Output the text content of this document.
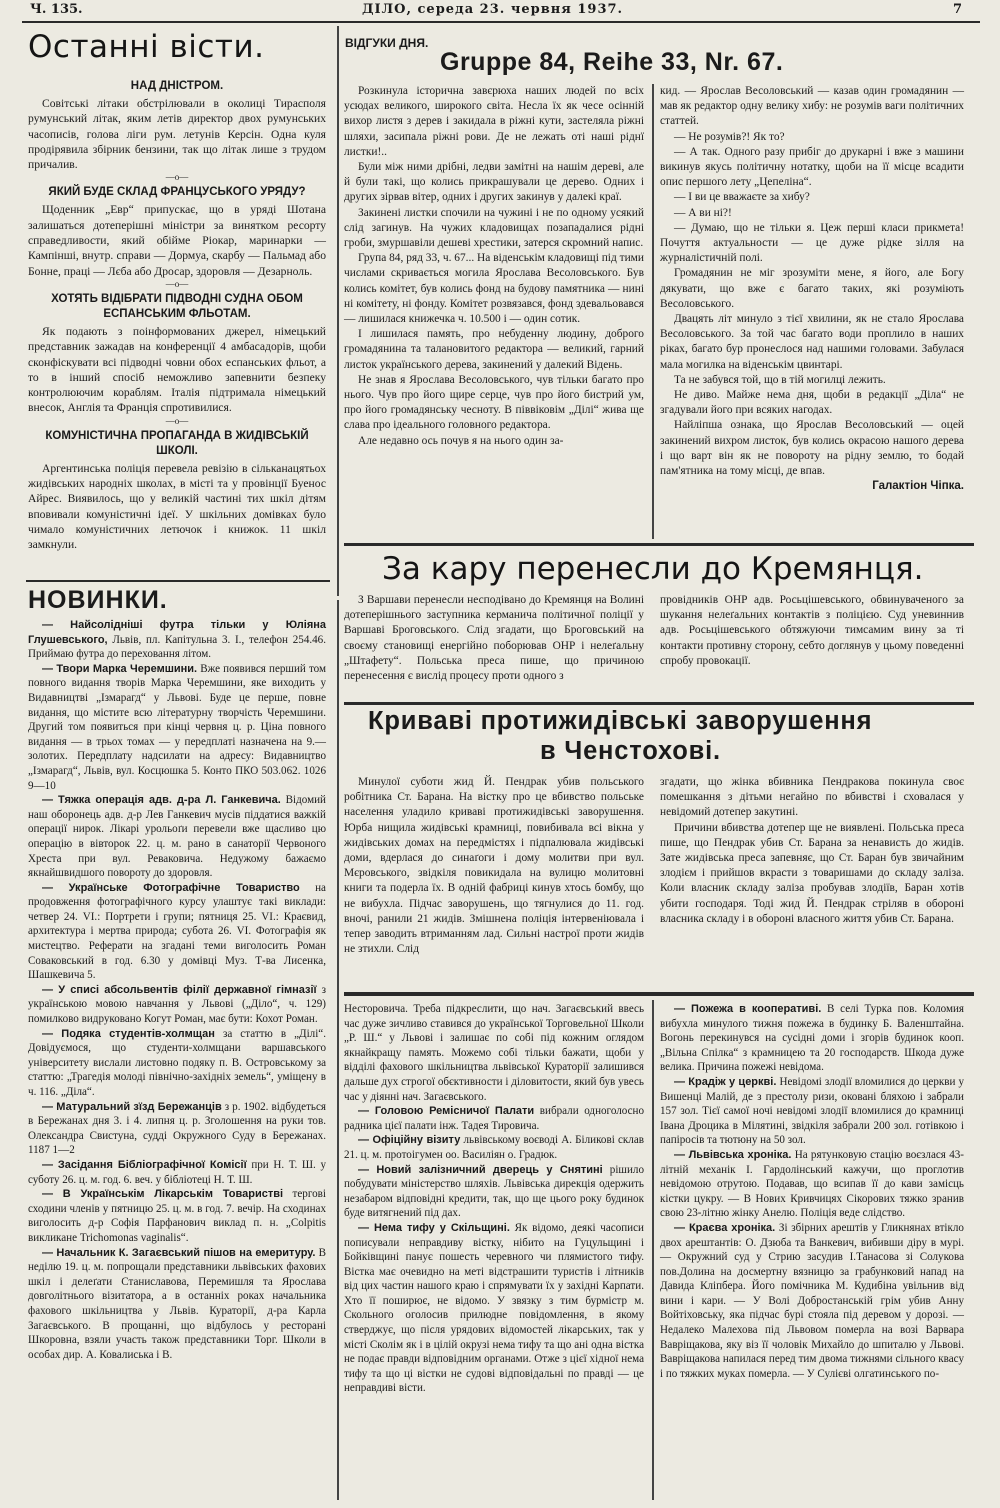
Ч. 135.	ДІЛО, середа 23. червня 1937.	7
Останні вісти.
НАД ДНІСТРОМ.

Совітські літаки обстрілювали в околиці Тирасполя румунський літак, яким летів директор двох румунських часописів, голова ліги рум. летунів Керсін. Одна куля продірявила збірник бензини, так що літак лише з трудом причалив.

—о—
ЯКИЙ БУДЕ СКЛАД ФРАНЦУСЬКОГО УРЯДУ?

Щоденник „Евр“ припускає, що в уряді Шотана залишаться дотеперішні міністри за винятком ресорту справедливости, який обійме Ріокар, маринарки — Кампінші, внутр. справи — Дормуа, скарбу — Пальмад або Бонне, праці — Лєба або Дросар, здоровля — Дезарноль.

—о—
ХОТЯТЬ ВІДІБРАТИ ПІДВОДНІ СУДНА ОБОМ ЕСПАНСЬКИМ ФЛЬОТАМ.

Як подають з поінформованих джерел, німецький представник зажадав на конференції 4 амбасадорів, щоби сконфіскувати всі підводні човни обох еспанських фльот, а то в інший спосіб неможливо запевнити безпеку контролюючим кораблям. Італія підтримала німецький внесок, Англія та Франція спротивилися.

—о—
КОМУНІСТИЧНА ПРОПАГАНДА В ЖИДІВСЬКІЙ ШКОЛІ.

Аргентинська поліція перевела ревізію в сільканацятьох жидівських народніх школах, в місті та у провінції Буенос Айрес. Виявилось, що у великій частині тих шкіл дітям вповивали комуністичні ідеї. У шкільних домівках було чимало комуністичних летючок і книжок. 11 шкіл замкнули.

НОВИНКИ.

— Найсолідніші футра тільки у Юліяна Глушевського, Львів, пл. Капітульна 3. І., телефон 254.46. Приймаю футра до переховання літом.

— Твори Марка Черемшини. Вже появився перший том повного видання творів Марка Черемшини, яке виходить у Видавництві „Ізмарагд“ у Львові. Буде це перше, повне видання, що містите всю літературну творчість Черемшини. Другий том появиться при кінці червня ц. р. Ціна повного видання — в трьох томах — у передплаті назначена на 9.— золотих. Передплату надсилати на адресу: Видавництво „Ізмарагд“, Львів, вул. Косцюшка 5. Конто ПКО 503.062. 1026 9—10

— Тяжка операція адв. д-ра Л. Ганкевича. Відомий наш оборонець адв. д-р Лев Ганкевич мусів піддатися важкій операції нирок. Лікарі урольоґи перевели вже щасливо цю операцію в вівторок 22. ц. м. рано в санаторії Червоного Хреста при вул. Реваковича. Недужому бажаємо якнайшвидшого повороту до здоровля.

— Українське Фотографічне Товариство на продовження фотографічного курсу улаштує такі виклади: четвер 24. VI.: Портрети і групи; пятниця 25. VI.: Краєвид, архитектура і мертва природа; субота 26. VI. Фотографія як мистецтво. Реферати на згадані теми виголосить Роман Соваковський в год. 6.30 у домівці Муз. Т-ва Лисенка, Шашкевича 5.

— У списі абсольвентів філії державної гімназії з українською мовою навчання у Львові („Діло“, ч. 129) помилково видруковано Когут Роман, має бути: Кохот Роман.

— Подяка студентів-холмщан за статтю в „Ділі“. Довідуємося, що студенти-холмщани варшавського університету вислали листовно подяку п. В. Островському за статтю: „Трагедія молоді північно-західніх земель“, уміщену в ч. 116. „Діла“.

— Матуральний зїзд Бережанців з р. 1902. відбудеться в Бережанах дня 3. і 4. липня ц. р. Зголошення на руки тов. Олександра Свистуна, судді Окружного Суду в Бережанах. 1187 1—2

— Засідання Бібліографічної Комісії при Н. Т. Ш. у суботу 26. ц. м. год. 6. веч. у бібліотеці Н. Т. Ш.

— В Українськім Лікарськім Товаристві тергові сходини членів у пятницю 25. ц. м. в год. 7. вечір. На сходинах виголосить д-р Софія Парфанович виклад п. н. „Colpitis викликане Trichomonas vaginalis“.

— Начальник К. Загаєвський пішов на емеритуру. В неділю 19. ц. м. попрощали представники львівських фахових шкіл і делеґати Станиславова, Перемишля та Ярослава довголітнього візитатора, а в останніх роках начальника фахового шкільництва у Львів. Кураторії, д-ра Карла Загаєвського. В прощанні, що відбулось у ресторані Шкоровна, взяли участь також представники Торг. Школи в особах дир. А. Ковалиська і В.

ВІДГУКИ ДНЯ.
Gruppe 84, Reihe 33, Nr. 67.

Розкинула історична завєрюха наших людей по всіх усюдах великого, широкого світа. Несла їх як чесе осінній вихор листя з дерев і закидала в ріжні кути, застеляла ріжні шляхи, засипала ріжні рови. Де не лежать оті наші ріднї листки!..

Були між ними дрібні, ледви замітні на нашім дереві, але й були такі, що колись прикрашували це дерево. Одних і других зірвав вітер, одних і других закинув у далекі краї.

Закинені листки спочили на чужині і не по одному усякий слід загинув. На чужих кладовищах позападалися рідні гроби, змуршавіли дешеві хрестики, затерся скромний напис.

Група 84, ряд 33, ч. 67... На віденськім кладовищі під тими числами скривається могила Ярослава Весоловського. Був колись комітет, був колись фонд на будову памятника — нині ні комітету, ні фонду. Комітет розвязався, фонд здевальовався — лишилася книжечка ч. 10.500 і — один сотик.

І лишилася память, про небуденну людину, доброго громадянина та талановитого редактора — великий, гарний листок українського дерева, закинений у далекий Відень.

Не знав я Ярослава Весоловського, чув тільки багато про нього. Чув про його щире серце, чув про його бистрий ум, про його громадянську чесноту. В піввіковім „Ділі“ жива ще слава про ідеального головного редактора.

Але недавно ось почув я на нього один за-

кид. — Ярослав Весоловський — казав один громадянин — мав як редактор одну велику хибу: не розумів ваги політичних статтей.

— Не розумів?! Як то?

— А так. Одного разу прибіг до друкарні і вже з машини викинув якусь політичну нотатку, щоби на її місце всадити опис першого лету „Цепеліна“.

— І ви це вважаєте за хибу?

— А ви ні?!

— Думаю, що не тільки я. Цеж перші класи прикмета! Почуття актуальности — це дуже рідке зілля на журналістичній полі.

Громадянин не міг зрозуміти мене, я його, але Богу дякувати, що вже є багато таких, які розуміють Весоловського.

Двацять літ минуло з тієї хвилини, як не стало Ярослава Весоловського. За той час багато води проплило в наших ріках, багато бур пронеслося над нашими головами. Забулася мала могилка на віденськім цвинтарі.

Та не забувся той, що в тій могилці лежить.

Не диво. Майже нема дня, щоби в редакції „Діла“ не згадували його при всяких нагодах.

Найліпша ознака, що Ярослав Весоловський — оцей закинений вихром листок, був колись окрасою нашого дерева і що варт він як не повороту на рідну землю, то бодай пам'ятника на тому місці, де впав.

Галактіон Чіпка.
За кару перенесли до Кремянця.

З Варшави перенесли несподівано до Кремянця на Волині дотеперішнього заступника керманича політичної поліції у Варшаві Броговського. Слід згадати, що Броговський на своєму становищі енергійно поборював ОНР і нелеґальну „Штафету“. Польська преса пише, що причиною перенесення є вислід процесу проти одного з

провідників ОНР адв. Росьцішевського, обвинуваченого за шукання нелеґальних контактів з поліцією. Суд уневиннив адв. Росьцішевського обтяжуючи тимсамим вину за ті контакти противну сторону, себто доглянув у цьому поведенні спробу провокації.

Криваві протижидівські заворушення
в Ченстохові.

Минулої суботи жид Й. Пендрак убив польського робітника Ст. Барана. На вістку про це вбивство польське населення уладило криваві протижидівські заворушення. Юрба нищила жидівські крамниці, повибивала всі вікна у жидівських домах на передмістях і підпалювала жидівські доми, вдерлася до синаґоги і дому молитви при вул. Мєровського, звідкіля повикидала на вулицю молитовні книги та подерла їх. В одній фабриці кинув хтось бомбу, що не вибухла. Підчас заворушень, що тягнулися до 11. год. вночі, ранили 21 жидів. Змішнена поліція інтервеніювала і тепер заводить втриманням лад. Сильні настрої проти жидів не зтихли. Слід

згадати, що жінка вбивника Пендракова покинула своє помешкання з дітьми негайно по вбивстві і сховалася у невідомий дотепер закутині.

Причини вбивства дотепер ще не виявлені. Польська преса пише, що Пендрак убив Ст. Барана за ненависть до жидів. Зате жидівська преса запевняє, що Ст. Баран був звичайним злодієм і прийшов вкрасти з товаришами до складу заліза. Коли власник складу заліза пробував злодіїв, Баран хотів убити господаря. Тоді жид Й. Пендрак стріляв в обороні власника складу і в обороні власного життя убив Ст. Барана.

Несторовича. Треба підкреслити, що нач. Загаєвський ввесь час дуже зичливо ставився до української Торговельної Школи „Р. Ш.“ у Львові і залишає по собі під кожним оглядом якнайкращу память. Можемо собі тільки бажати, щоби у відділі фахового шкільництва львівської Кураторії залишився дальше дух строгої обєктивности і діловитости, який був увесь час у діянні нач. Загаєвського.

— Головою Ремісничої Палати вибрали одноголосно радника цієї палати інж. Тадея Тировича.

— Офіційну візиту львівському воєводі А. Біликові склав 21. ц. м. протоігумен оо. Василіян о. Градюк.

— Новий залізничний дверець у Снятині рішило побудувати міністерство шляхів. Львівська дирекція одержить незабаром відповідні кредити, так, що ще цього року будинок буде витягнений під дах.

— Нема тифу у Скільщині. Як відомо, деякі часописи пописували неправдиву вістку, нібито на Гуцульщині і Бойківщині панує пошесть черевного чи плямистого тифу. Вістка має очевидно на меті відстрашити туристів і літників від цих частин нашого краю і спрямувати їх у західні Карпати. Хто її поширює, не відомо. У звязку з тим бурмістр м. Скольного оголосив прилюдне повідомлення, в якому стверджує, що після урядових відомостей лікарських, так у місті Сколім як і в цілій окрузі нема тифу та що ані одна вістка не подає правди відповідним органами. Отже з цієї хідної нема тифу та що ці вістки не судові відповідальні по правді — це неправдиві вісти.

— Пожежа в кооперативі. В селі Турка пов. Коломия вибухла минулого тижня пожежа в будинку Б. Валенштайна. Вогонь перекинувся на сусідні доми і згорів будинок кооп. „Вільна Спілка“ з крамницею та 20 господарств. Шкода дуже велика. Причина пожежі невідома.

— Крадіж у церкві. Невідомі злодії вломилися до церкви у Вишенці Малій, де з престолу ризи, оковані бляхою і забрали 157 зол. Тієї самої ночі невідомі злодії вломилися до крамниці Івана Дроцика в Мілятині, звідкіля забрали 200 зол. готівкою і папіросів та тютюну на 50 зол.

— Львівська хроніка. На рятунковую стацію воєзлася 43-літній механік І. Гардолінський кажучи, що проглотив невідомою отрутою. Подавав, що всипав її до кави замісць кістки цукру. — В Нових Кривчицях Сікорових тяжко зранив свою 23-літню жінку Анелю. Поліція веде слідство.

— Краєва хроніка. Зі збірних арештів у Гликнянах втікло двох арештантів: О. Дзюба та Ванкевич, вибивши діру в мурі. — Окружний суд у Стрию засудив І.Танасова зі Солукова пов.Долина на досмертну вязницю за грабунковий напад на Давида Кліпбера. Його помічника М. Кудибіна увільнив від вини і кари. — У Волі Добростанській грім убив Анну Войтіховську, яка підчас бурі стояла під деревом у дорозі. — Недалеко Малехова під Львовом померла на возі Варвара Вавріщакова, яку віз її чоловік Михайло до шпиталю у Львові. Вавріщакова напилася перед тим двома тижнями сільного квасу і по тяжких муках померла. — У Сулієві олгатинського по-
